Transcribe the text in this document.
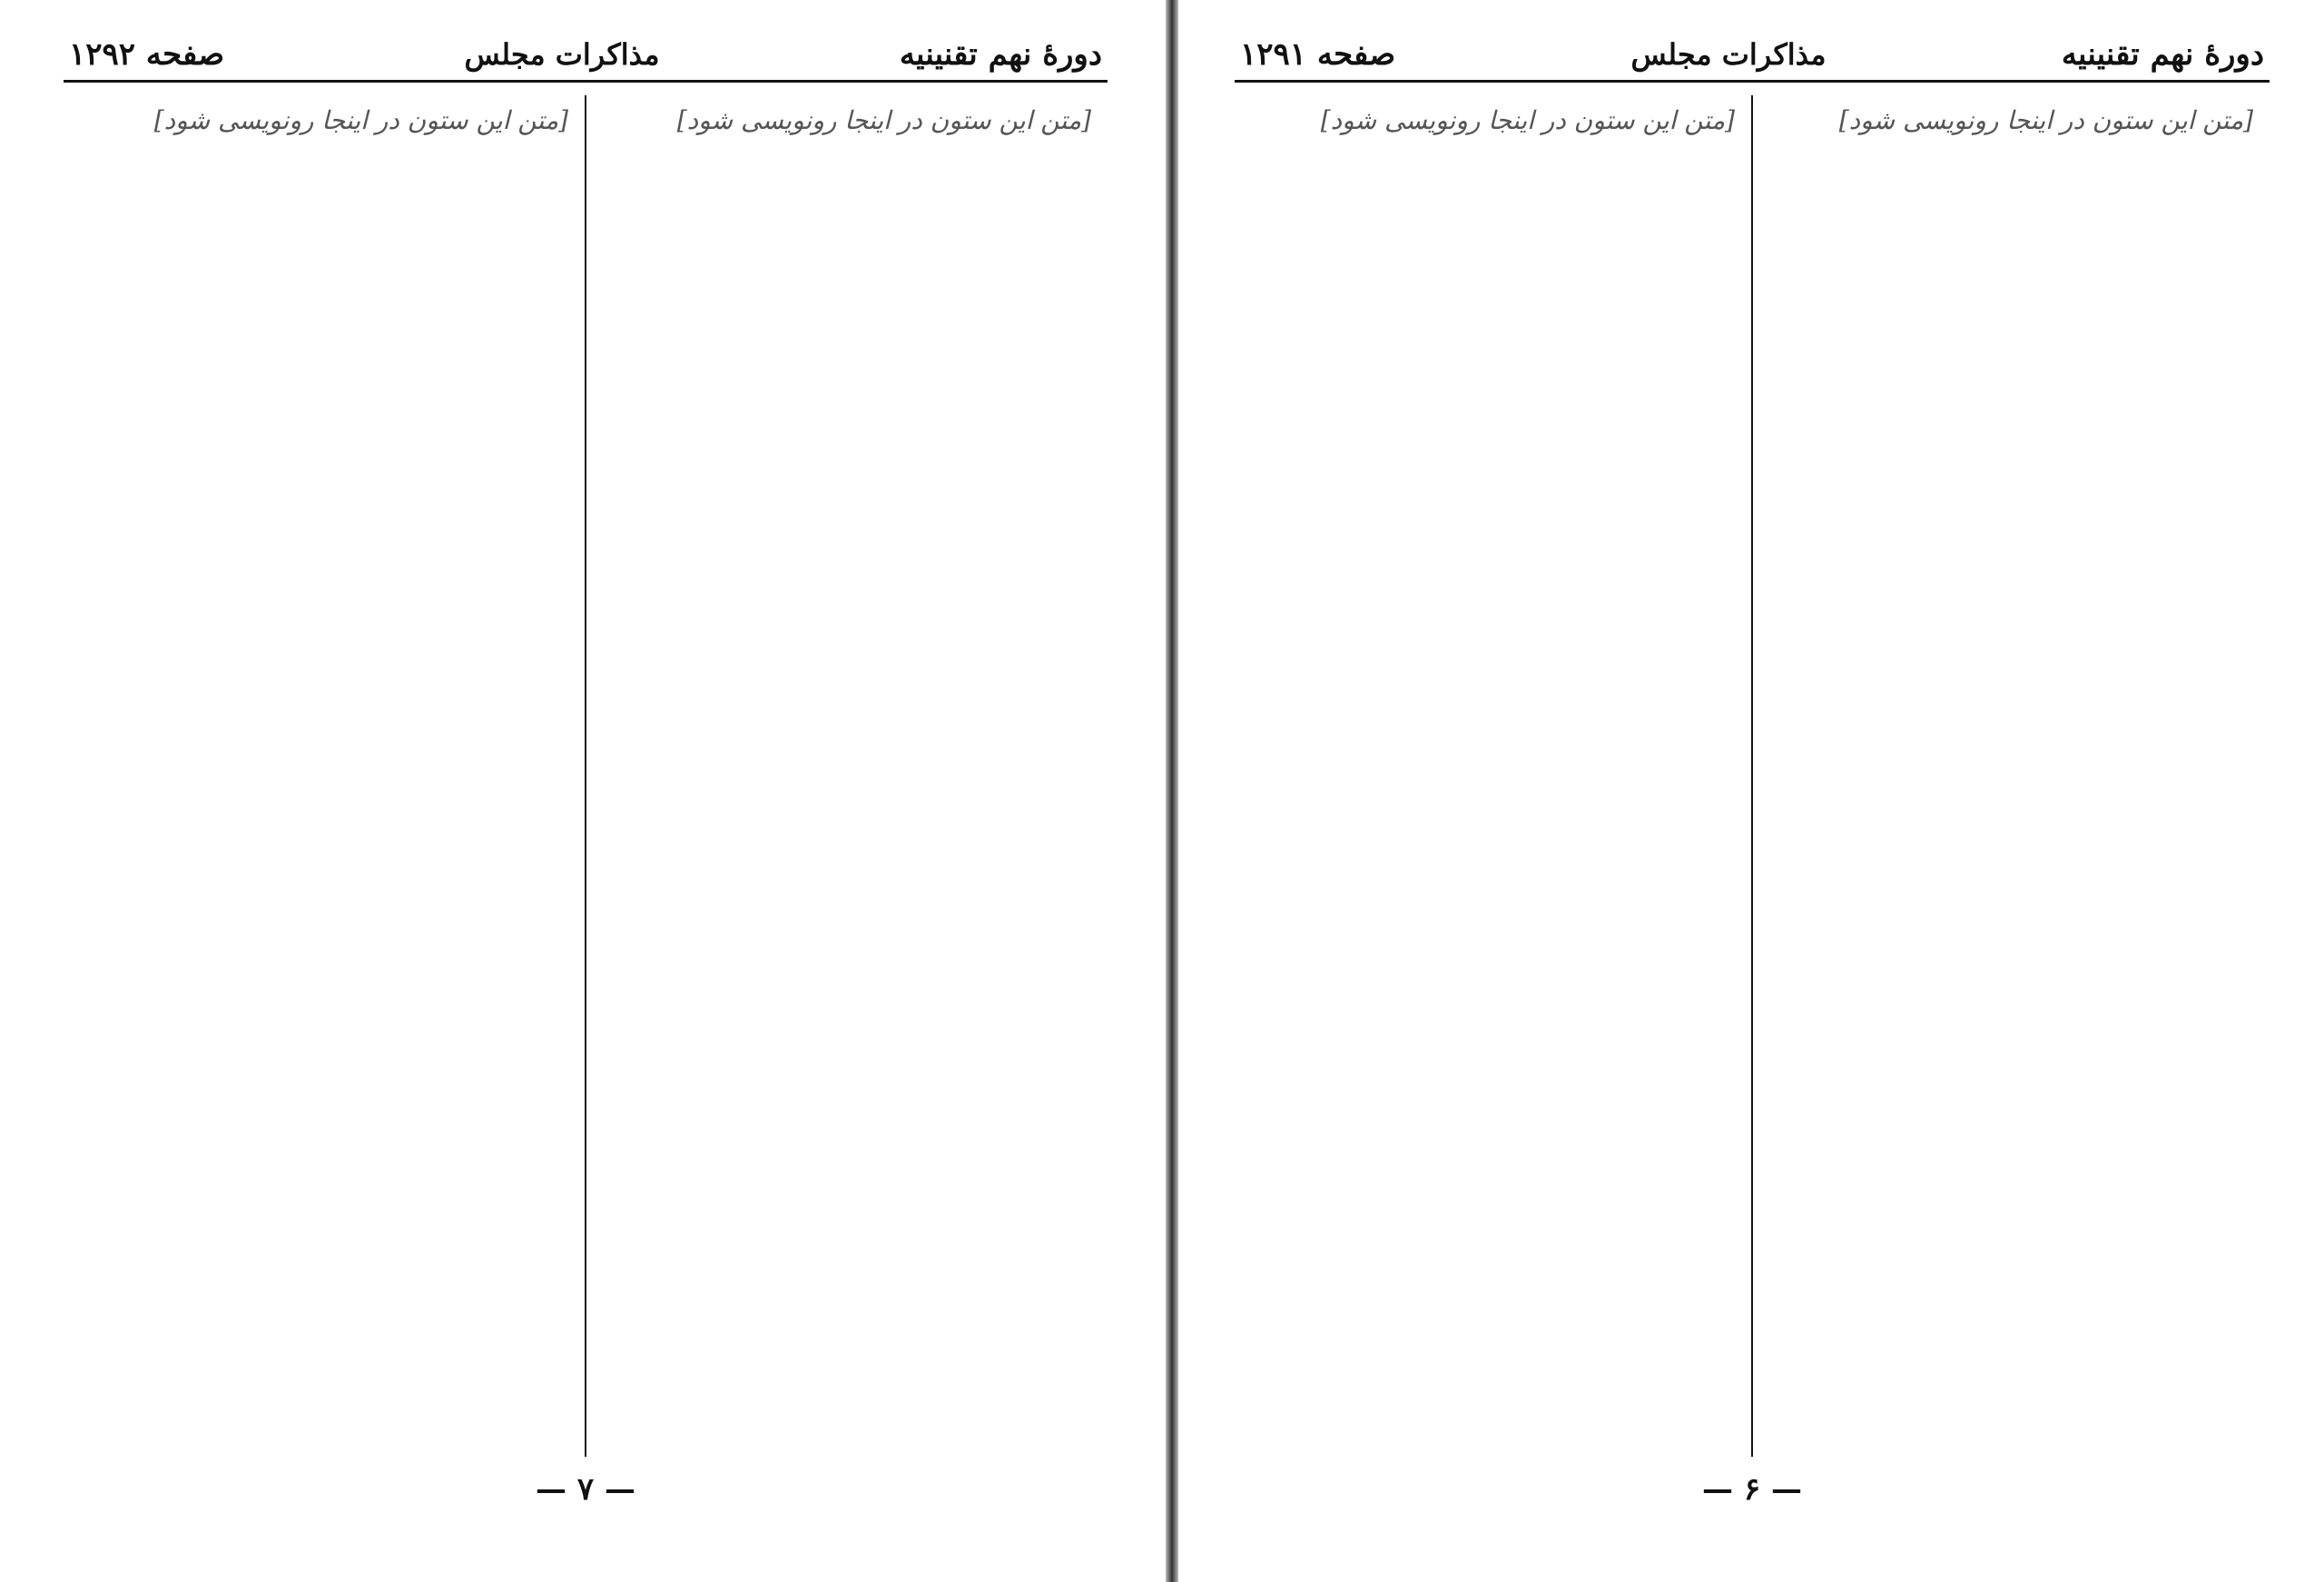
دورهٔ نهم تقنینیه
مذاکرات مجلس
صفحه ۱۲۹۲
[متن این ستون در اینجا رونویسی شود]
[متن این ستون در اینجا رونویسی شود]
— ۷ —
دورهٔ نهم تقنینیه
مذاکرات مجلس
صفحه ۱۲۹۱
[متن این ستون در اینجا رونویسی شود]
[متن این ستون در اینجا رونویسی شود]
— ۶ —
